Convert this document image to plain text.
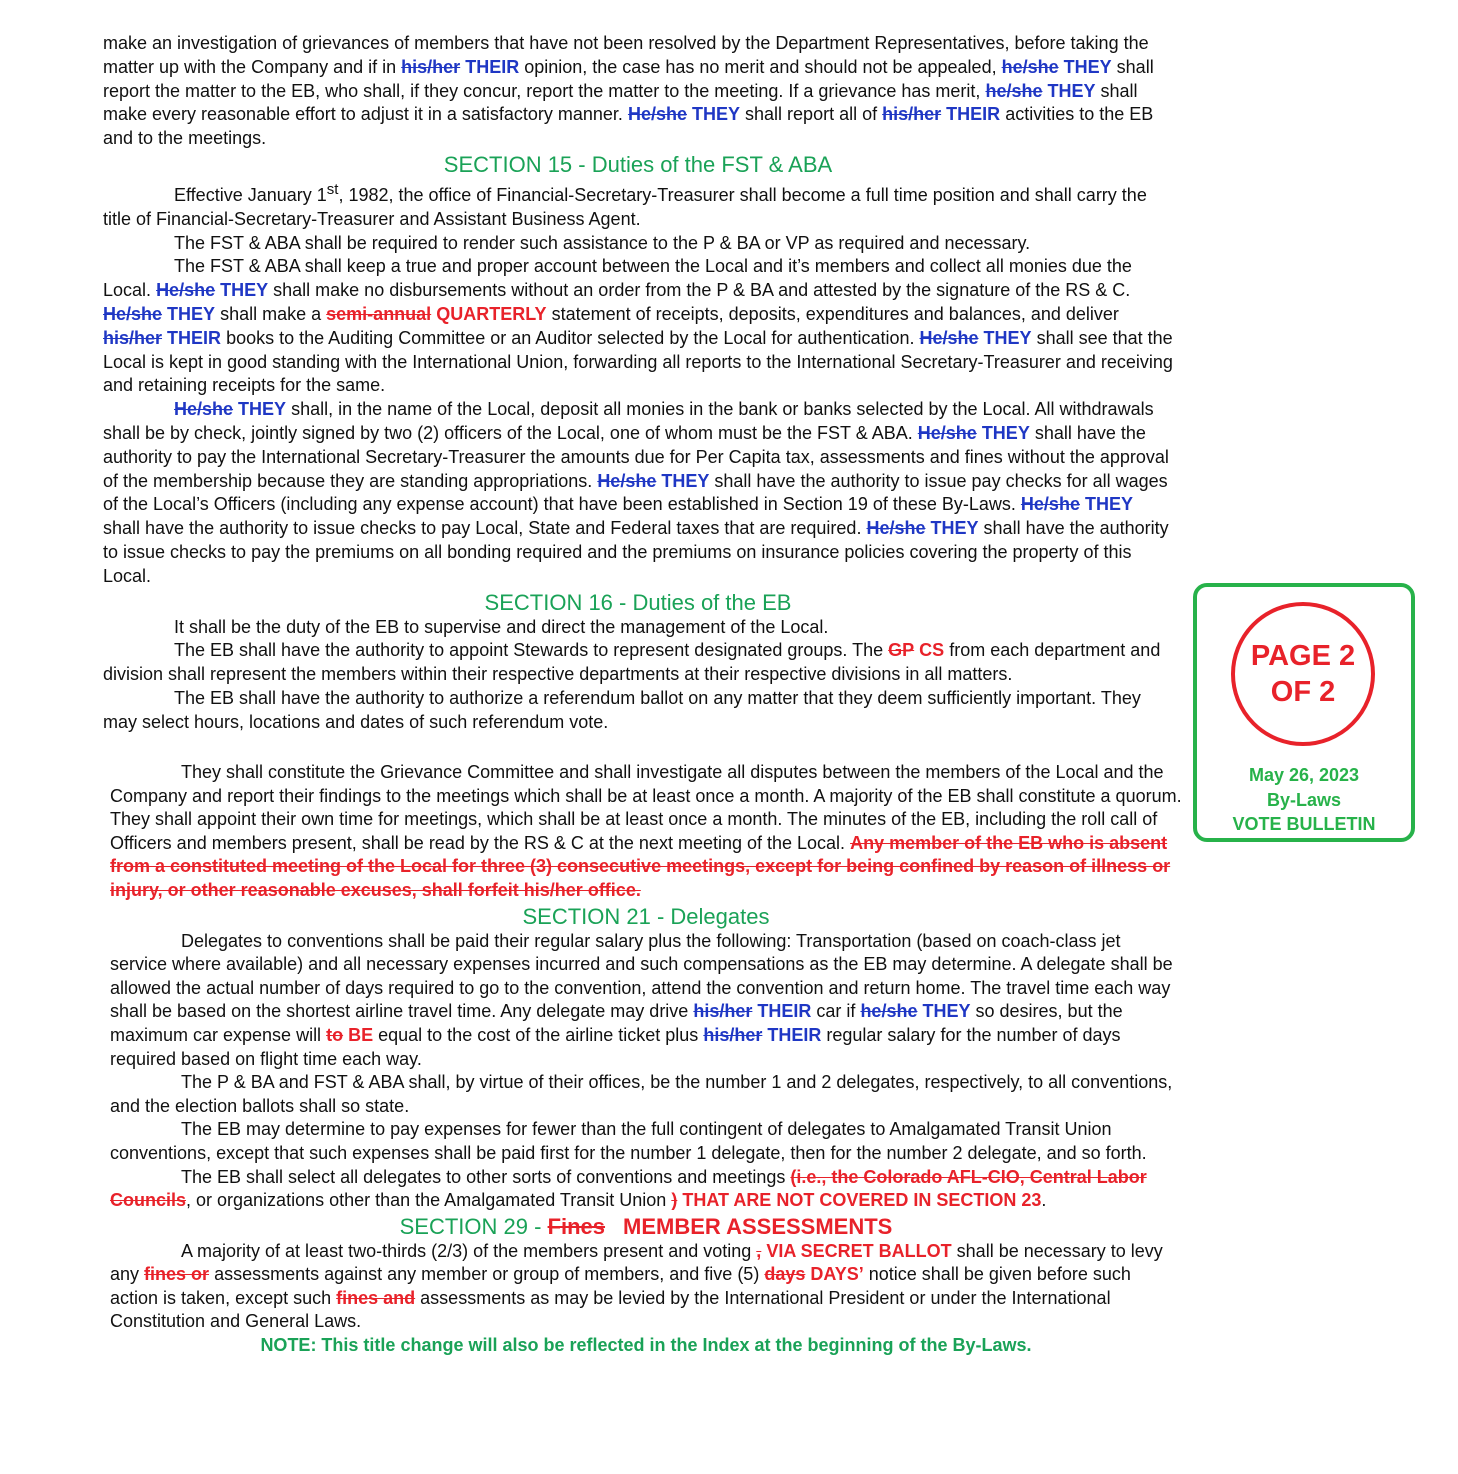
make an investigation of grievances of members that have not been resolved by the Department Representatives, before taking the matter up with the Company and if in his/her THEIR opinion, the case has no merit and should not be appealed, he/she THEY shall report the matter to the EB, who shall, if they concur, report the matter to the meeting. If a grievance has merit, he/she THEY shall make every reasonable effort to adjust it in a satisfactory manner. He/she THEY shall report all of his/her THEIR activities to the EB and to the meetings.

SECTION 15 - Duties of the FST & ABA

Effective January 1st, 1982, the office of Financial-Secretary-Treasurer shall become a full time position and shall carry the title of Financial-Secretary-Treasurer and Assistant Business Agent.

The FST & ABA shall be required to render such assistance to the P & BA or VP as required and necessary.

The FST & ABA shall keep a true and proper account between the Local and it’s members and collect all monies due the Local. He/she THEY shall make no disbursements without an order from the P & BA and attested by the signature of the RS & C. He/she THEY shall make a semi-annual QUARTERLY statement of receipts, deposits, expenditures and balances, and deliver his/her THEIR books to the Auditing Committee or an Auditor selected by the Local for authentication. He/she THEY shall see that the Local is kept in good standing with the International Union, forwarding all reports to the International Secretary-Treasurer and receiving and retaining receipts for the same.

He/she THEY shall, in the name of the Local, deposit all monies in the bank or banks selected by the Local. All withdrawals shall be by check, jointly signed by two (2) officers of the Local, one of whom must be the FST & ABA. He/she THEY shall have the authority to pay the International Secretary-Treasurer the amounts due for Per Capita tax, assessments and fines without the approval of the membership because they are standing appropriations. He/she THEY shall have the authority to issue pay checks for all wages of the Local’s Officers (including any expense account) that have been established in Section 19 of these By-Laws. He/she THEY shall have the authority to issue checks to pay Local, State and Federal taxes that are required. He/she THEY shall have the authority to issue checks to pay the premiums on all bonding required and the premiums on insurance policies covering the property of this Local.

SECTION 16 - Duties of the EB

It shall be the duty of the EB to supervise and direct the management of the Local.

The EB shall have the authority to appoint Stewards to represent designated groups. The GP CS from each department and division shall represent the members within their respective departments at their respective divisions in all matters.

The EB shall have the authority to authorize a referendum ballot on any matter that they deem sufficiently important. They may select hours, locations and dates of such referendum vote.

They shall constitute the Grievance Committee and shall investigate all disputes between the members of the Local and the Company and report their findings to the meetings which shall be at least once a month. A majority of the EB shall constitute a quorum. They shall appoint their own time for meetings, which shall be at least once a month. The minutes of the EB, including the roll call of Officers and members present, shall be read by the RS & C at the next meeting of the Local. Any member of the EB who is absent from a constituted meeting of the Local for three (3) consecutive meetings, except for being confined by reason of illness or injury, or other reasonable excuses, shall forfeit his/her office.

SECTION 21 - Delegates

Delegates to conventions shall be paid their regular salary plus the following: Transportation (based on coach-class jet service where available) and all necessary expenses incurred and such compensations as the EB may determine. A delegate shall be allowed the actual number of days required to go to the convention, attend the convention and return home. The travel time each way shall be based on the shortest airline travel time. Any delegate may drive his/her THEIR car if he/she THEY so desires, but the maximum car expense will to BE equal to the cost of the airline ticket plus his/her THEIR regular salary for the number of days required based on flight time each way.

The P & BA and FST & ABA shall, by virtue of their offices, be the number 1 and 2 delegates, respectively, to all conventions, and the election ballots shall so state.

The EB may determine to pay expenses for fewer than the full contingent of delegates to Amalgamated Transit Union conventions, except that such expenses shall be paid first for the number 1 delegate, then for the number 2 delegate, and so forth.

The EB shall select all delegates to other sorts of conventions and meetings (i.e., the Colorado AFL-CIO, Central Labor Councils, or organizations other than the Amalgamated Transit Union ) THAT ARE NOT COVERED IN SECTION 23.

SECTION 29 - Fines MEMBER ASSESSMENTS

A majority of at least two-thirds (2/3) of the members present and voting , VIA SECRET BALLOT shall be necessary to levy any fines or assessments against any member or group of members, and five (5) days DAYS’ notice shall be given before such action is taken, except such fines and assessments as may be levied by the International President or under the International Constitution and General Laws.

NOTE: This title change will also be reflected in the Index at the beginning of the By-Laws.

PAGE 2
OF 2
May 26, 2023
By-Laws
VOTE BULLETIN
